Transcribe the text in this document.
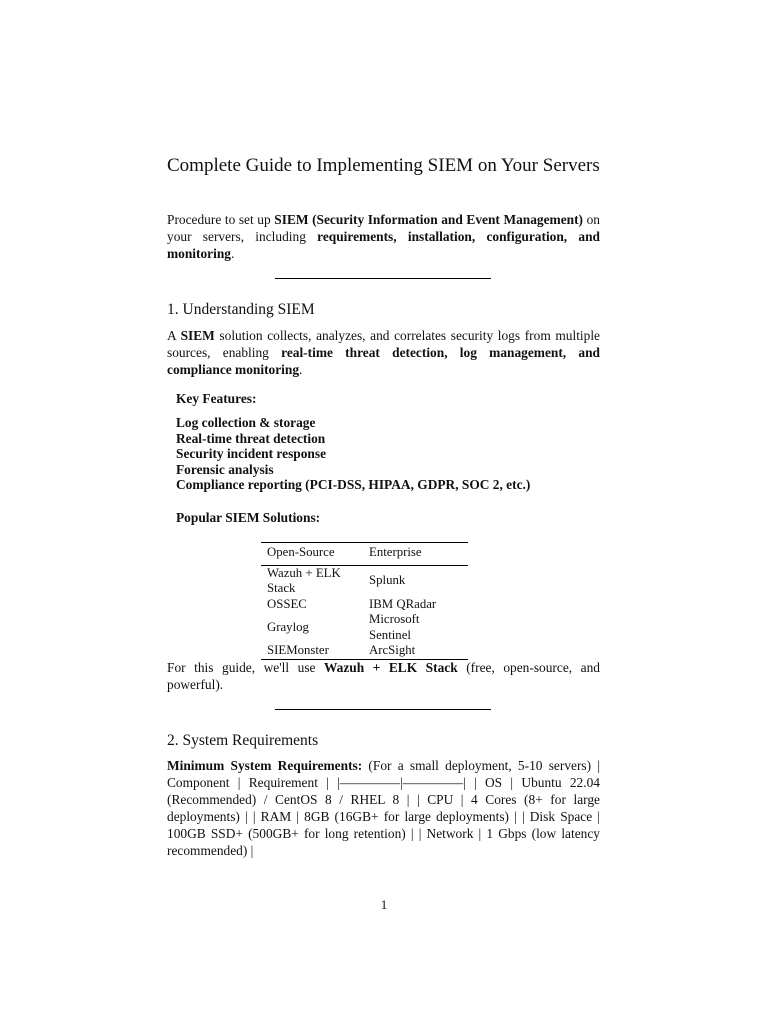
Complete Guide to Implementing SIEM on Your Servers

Procedure to set up SIEM (Security Information and Event Management) on your servers, including requirements, installation, configuration, and monitoring.

1. Understanding SIEM

A SIEM solution collects, analyzes, and correlates security logs from multiple sources, enabling real-time threat detection, log management, and compliance monitoring.

Key Features:
Log collection & storage
Real-time threat detection
Security incident response
Forensic analysis
Compliance reporting (PCI-DSS, HIPAA, GDPR, SOC 2, etc.)
Popular SIEM Solutions:
Open-Source	Enterprise
Wazuh + ELK Stack	Splunk
OSSEC	IBM QRadar
Graylog	Microsoft Sentinel
SIEMonster	ArcSight

For this guide, we'll use Wazuh + ELK Stack (free, open-source, and powerful).

2. System Requirements

Minimum System Requirements: (For a small deployment, 5-10 servers) | Component | Requirement | |————–|————–| | OS | Ubuntu 22.04 (Recommended) / CentOS 8 / RHEL 8 | | CPU | 4 Cores (8+ for large deployments) | | RAM | 8GB (16GB+ for large deployments) | | Disk Space | 100GB SSD+ (500GB+ for long retention) | | Network | 1 Gbps (low latency recommended) |

1
